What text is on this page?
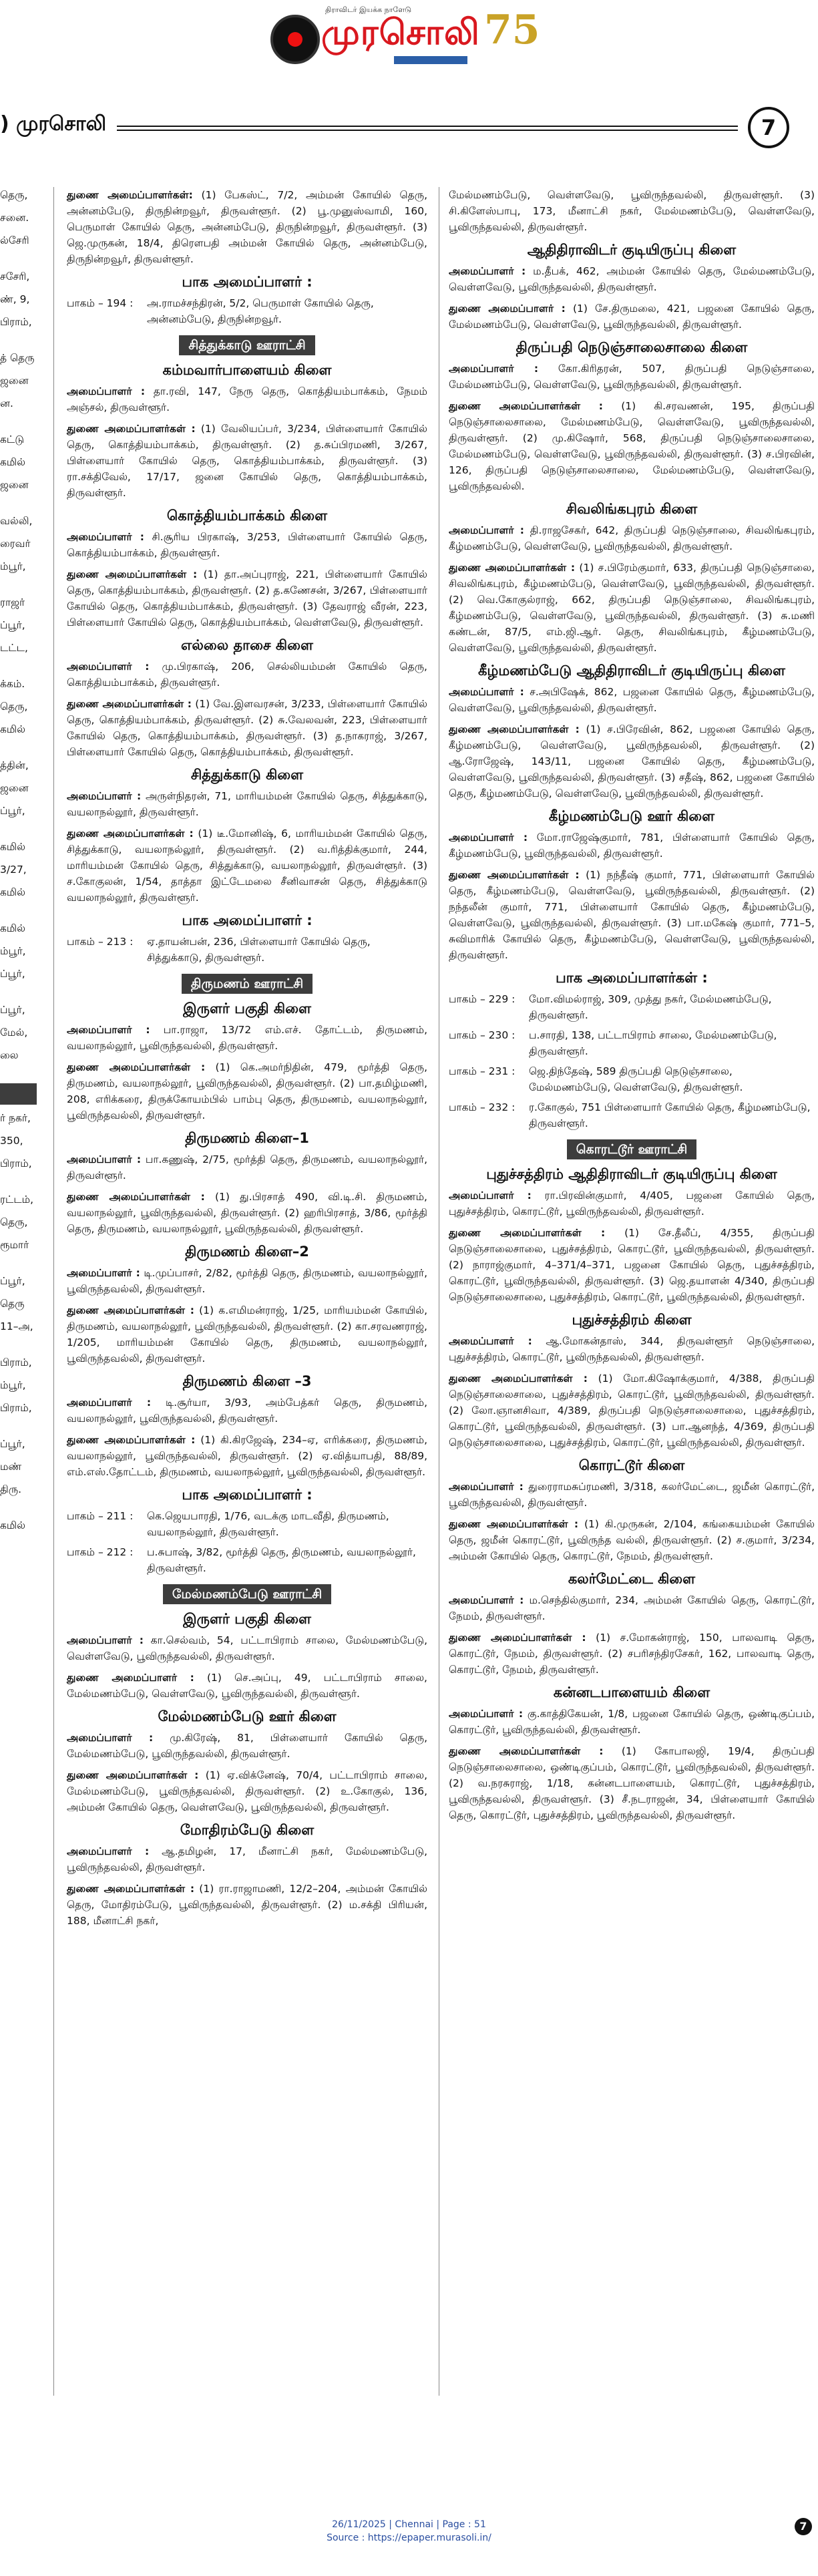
திராவிடர் இயக்க நாளேடு
முரசொலி 75
) முரசொலி	7
தெரு,
சனை.
ல்சேரி
சசேரி,
ண், 9,
பிராம்,
த் தெரு
ஜனை
ன.
கட்டு
கமில்
ஜனை
வல்லி,
ரைவர்
ம்பூர்,
ராஜர்
ப்பூர்,
டட்ட,
க்கம்.
தெரு,
கமில்
த்தின்,
ஜனை
ப்பூர்,
கமில்
3/27,
கமில்
கமில்
ம்பூர்,
ப்பூர்,
ப்பூர்,
மேல்,
லை
ர் நகர்,
350,
பிராம்,
ரட்டம்,
தெரு,
ரூமார்
ப்பூர்,
தெரு
11–அ,
பிராம்,
ம்பூர்,
பிராம்,
ப்பூர்,
மண்
திரு.
கமில்

துணை அமைப்பாளர்கள்: (1) பேகஸ்ட், 7/2, அம்மன் கோயில் தெரு, அன்னம்பேடு, திருநின்றவூர், திருவள்ளூர். (2) பூ.முனுஸ்வாமி, 160, பெருமாள் கோயில் தெரு, அன்னம்பேடு, திருநின்றவூர், திருவள்ளூர். (3) ஜெ.முருகன், 18/4, திரௌபதி அம்மன் கோயில் தெரு, அன்னம்பேடு, திருநின்றவூர், திருவள்ளூர்.

பாக அமைப்பாளர் :
பாகம் – 194 :	அ.ராமச்சந்திரன், 5/2, பெருமாள் கோயில் தெரு, அன்னம்பேடு, திருநின்றவூர்.
சித்துக்காடு ஊராட்சி
கம்மவார்பாளையம் கிளை

அமைப்பாளர் : தா.ரவி, 147, நேரு தெரு, கொத்தியம்பாக்கம், நேமம் அஞ்சல், திருவள்ளூர்.

துணை அமைப்பாளர்கள் : (1) வேலியப்பர், 3/234, பிள்ளையார் கோயில் தெரு, கொத்தியம்பாக்கம், திருவள்ளூர். (2) த.சுப்பிரமணி, 3/267, பிள்ளையார் கோயில் தெரு, கொத்தியம்பாக்கம், திருவள்ளூர். (3) ரா.சக்திவேல், 17/17, ஜனை கோயில் தெரு, கொத்தியம்பாக்கம், திருவள்ளூர்.

கொத்தியம்பாக்கம் கிளை

அமைப்பாளர் : சி.சூரிய பிரகாஷ், 3/253, பிள்ளையார் கோயில் தெரு, கொத்தியம்பாக்கம், திருவள்ளூர்.

துணை அமைப்பாளர்கள் : (1) தா.அப்புராஜ், 221, பிள்ளையார் கோயில் தெரு, கொத்தியம்பாக்கம், திருவள்ளூர். (2) த.கணேசன், 3/267, பிள்ளையார் கோயில் தெரு, கொத்தியம்பாக்கம், திருவள்ளூர். (3) தேவராஜ் வீரன், 223, பிள்ளையார் கோயில் தெரு, கொத்தியம்பாக்கம், வெள்ளவேடு, திருவள்ளூர்.

எல்லை தாசை கிளை

அமைப்பாளர் : மு.பிரகாஷ், 206, செல்லியம்மன் கோயில் தெரு, கொத்தியம்பாக்கம், திருவள்ளூர்.

துணை அமைப்பாளர்கள் : (1) வே.இளவரசன், 3/233, பிள்ளையார் கோயில் தெரு, கொத்தியம்பாக்கம், திருவள்ளூர். (2) சு.வேலவன், 223, பிள்ளையார் கோயில் தெரு, கொத்தியம்பாக்கம், திருவள்ளூர். (3) த.நாகராஜ், 3/267, பிள்ளையார் கோயில் தெரு, கொத்தியம்பாக்கம், திருவள்ளூர்.

சித்துக்காடு கிளை

அமைப்பாளர் : அருள்நிதரன், 71, மாரியம்மன் கோயில் தெரு, சித்துக்காடு, வயலாநல்லூர், திருவள்ளூர்.

துணை அமைப்பாளர்கள் : (1) டீ.மோனிஷ், 6, மாரியம்மன் கோயில் தெரு, சித்துக்காடு, வயலாநல்லூர், திருவள்ளூர். (2) வ.ரித்திக்குமார், 244, மாரியம்மன் கோயில் தெரு, சித்துக்காடு, வயலாநல்லூர், திருவள்ளூர். (3) ச.கோகுலன், 1/54, தாத்தா இட்டேமலை சீனிவாசன் தெரு, சித்துக்காடு வயலாநல்லூர், திருவள்ளூர்.

பாக அமைப்பாளர் :
பாகம் – 213 :	ஏ.தாயன்பன், 236, பிள்ளையார் கோயில் தெரு, சித்துக்காடு, திருவள்ளூர்.
திருமணம் ஊராட்சி
இருளர் பகுதி கிளை

அமைப்பாளர் : பா.ராஜா, 13/72 எம்.எச். தோட்டம், திருமணம், வயலாநல்லூர், பூவிருந்தவல்லி, திருவள்ளூர்.

துணை அமைப்பாளர்கள் : (1) கெ.அமர்நிதின், 479, மூர்த்தி தெரு, திருமணம், வயலாநல்லூர், பூவிருந்தவல்லி, திருவள்ளூர். (2) பா.தமிழ்மணி, 208, எரிக்கரை, திருக்கோயம்பில் பாம்பு தெரு, திருமணம், வயலாநல்லூர், பூவிருந்தவல்லி, திருவள்ளூர்.

திருமணம் கிளை–1

அமைப்பாளர் : பா.கணுஷ், 2/75, மூர்த்தி தெரு, திருமணம், வயலாநல்லூர், திருவள்ளூர்.

துணை அமைப்பாளர்கள் : (1) து.பிரசாத் 490, வி.டி.சி. திருமணம், வயலாநல்லூர், பூவிருந்தவல்லி, திருவள்ளூர். (2) ஹரிபிரசாத், 3/86, மூர்த்தி தெரு, திருமணம், வயலாநல்லூர், பூவிருந்தவல்லி, திருவள்ளூர்.

திருமணம் கிளை–2

அமைப்பாளர் : டி.முப்பாசர், 2/82, மூர்த்தி தெரு, திருமணம், வயலாநல்லூர், பூவிருந்தவல்லி, திருவள்ளூர்.

துணை அமைப்பாளர்கள் : (1) க.எமிமன்ராஜ், 1/25, மாரியம்மன் கோயில், திருமணம், வயலாநல்லூர், பூவிருந்தவல்லி, திருவள்ளூர். (2) கா.சரவணராஜ், 1/205, மாரியம்மன் கோயில் தெரு, திருமணம், வயலாநல்லூர், பூவிருந்தவல்லி, திருவள்ளூர்.

திருமணம் கிளை –3

அமைப்பாளர் : டி.சூர்யா, 3/93, அம்பேத்கர் தெரு, திருமணம், வயலாநல்லூர், பூவிருந்தவல்லி, திருவள்ளூர்.

துணை அமைப்பாளர்கள் : (1) கி.கிரஜேஷ், 234–ஏ, எரிக்கரை, திருமணம், வயலாநல்லூர், பூவிருந்தவல்லி, திருவள்ளூர். (2) ஏ.வித்யாபதி, 88/89, எம்.எஸ்.தோட்டம், திருமணம், வயலாநல்லூர், பூவிருந்தவல்லி, திருவள்ளூர்.

பாக அமைப்பாளர் :
பாகம் – 211 :	கெ.ஜெயபாரதி, 1/76, வடக்கு மாடவீதி, திருமணம், வயலாநல்லூர், திருவள்ளூர்.
பாகம் – 212 :	ப.சுபாஷ், 3/82, மூர்த்தி தெரு, திருமணம், வயலாநல்லூர், திருவள்ளூர்.
மேல்மணம்பேடு ஊராட்சி
இருளர் பகுதி கிளை

அமைப்பாளர் : கா.செல்வம், 54, பட்டாபிராம் சாலை, மேல்மணம்பேடு, வெள்ளவேடு, பூவிருந்தவல்லி, திருவள்ளூர்.

துணை அமைப்பாளர் : (1) செ.அப்பு, 49, பட்டாபிராம் சாலை, மேல்மணம்பேடு, வெள்ளவேடு, பூவிருந்தவல்லி, திருவள்ளூர்.

மேல்மணம்பேடு ஊர் கிளை

அமைப்பாளர் : மு.கிரேஷ், 81, பிள்ளையார் கோயில் தெரு, மேல்மணம்பேடு, பூவிருந்தவல்லி, திருவள்ளூர்.

துணை அமைப்பாளர்கள் : (1) ஏ.விக்னேஷ், 70/4, பட்டாபிராம் சாலை, மேல்மணம்பேடு, பூவிருந்தவல்லி, திருவள்ளூர். (2) உ.கோகுல், 136, அம்மன் கோயில் தெரு, வெள்ளவேடு, பூவிருந்தவல்லி, திருவள்ளூர்.

மோதிரம்பேடு கிளை

அமைப்பாளர் : ஆ.தமிழன், 17, மீனாட்சி நகர், மேல்மணம்பேடு, பூவிருந்தவல்லி, திருவள்ளூர்.

துணை அமைப்பாளர்கள் : (1) ரா.ராஜாமணி, 12/2–204, அம்மன் கோயில் தெரு, மோதிரம்பேடு, பூவிருந்தவல்லி, திருவள்ளூர். (2) ம.சக்தி பிரியன், 188, மீனாட்சி நகர்,

மேல்மணம்பேடு, வெள்ளவேடு, பூவிருந்தவல்லி, திருவள்ளூர். (3) சி.கிளேஸ்பாபு, 173, மீனாட்சி நகர், மேல்மணம்பேடு, வெள்ளவேடு, பூவிருந்தவல்லி, திருவள்ளூர்.

ஆதிதிராவிடர் குடியிருப்பு கிளை

அமைப்பாளர் : ம.தீபக், 462, அம்மன் கோயில் தெரு, மேல்மணம்பேடு, வெள்ளவேடு, பூவிருந்தவல்லி, திருவள்ளூர்.

துணை அமைப்பாளர் : (1) சே.திருமலை, 421, பஜனை கோயில் தெரு, மேல்மணம்பேடு, வெள்ளவேடு, பூவிருந்தவல்லி, திருவள்ளூர்.

திருப்பதி நெடுஞ்சாலைசாலை கிளை

அமைப்பாளர் : கோ.கிரிதரன், 507, திருப்பதி நெடுஞ்சாலை, மேல்மணம்பேடு, வெள்ளவேடு, பூவிருந்தவல்லி, திருவள்ளூர்.

துணை அமைப்பாளர்கள் : (1) கி.சரவணன், 195, திருப்பதி நெடுஞ்சாலைசாலை, மேல்மணம்பேடு, வெள்ளவேடு, பூவிருந்தவல்லி, திருவள்ளூர். (2) மு.கிஷோர், 568, திருப்பதி நெடுஞ்சாலைசாலை, மேல்மணம்பேடு, வெள்ளவேடு, பூவிருந்தவல்லி, திருவள்ளூர். (3) ச.பிரவின், 126, திருப்பதி நெடுஞ்சாலைசாலை, மேல்மணம்பேடு, வெள்ளவேடு, பூவிருந்தவல்லி.

சிவலிங்கபுரம் கிளை

அமைப்பாளர் : தி.ராஜசேகர், 642, திருப்பதி நெடுஞ்சாலை, சிவலிங்கபுரம், கீழ்மணம்பேடு, வெள்ளவேடு, பூவிருந்தவல்லி, திருவள்ளூர்.

துணை அமைப்பாளர்கள் : (1) ச.பிரேம்குமார், 633, திருப்பதி நெடுஞ்சாலை, சிவலிங்கபுரம், கீழ்மணம்பேடு, வெள்ளவேடு, பூவிருந்தவல்லி, திருவள்ளூர். (2) வெ.கோகுல்ராஜ், 662, திருப்பதி நெடுஞ்சாலை, சிவலிங்கபுரம், கீழ்மணம்பேடு, வெள்ளவேடு, பூவிருந்தவல்லி, திருவள்ளூர். (3) சு.மணி கண்டன், 87/5, எம்.ஜி.ஆர். தெரு, சிவலிங்கபுரம், கீழ்மணம்பேடு, வெள்ளவேடு, பூவிருந்தவல்லி, திருவள்ளூர்.

கீழ்மணம்பேடு ஆதிதிராவிடர் குடியிருப்பு கிளை

அமைப்பாளர் : ச.அபிஷேக், 862, பஜனை கோயில் தெரு, கீழ்மணம்பேடு, வெள்ளவேடு, பூவிருந்தவல்லி, திருவள்ளூர்.

துணை அமைப்பாளர்கள் : (1) ச.பிரேவின், 862, பஜனை கோயில் தெரு, கீழ்மணம்பேடு, வெள்ளவேடு, பூவிருந்தவல்லி, திருவள்ளூர். (2) ஆ.ரோஜேஷ், 143/11, பஜனை கோயில் தெரு, கீழ்மணம்பேடு, வெள்ளவேடு, பூவிருந்தவல்லி, திருவள்ளூர். (3) சதீஷ், 862, பஜனை கோயில் தெரு, கீழ்மணம்பேடு, வெள்ளவேடு, பூவிருந்தவல்லி, திருவள்ளூர்.

கீழ்மணம்பேடு ஊர் கிளை

அமைப்பாளர் : மோ.ராஜேஷ்குமார், 781, பிள்ளையார் கோயில் தெரு, கீழ்மணம்பேடு, பூவிருந்தவல்லி, திருவள்ளூர்.

துணை அமைப்பாளர்கள் : (1) நந்தீஷ் குமார், 771, பிள்ளையார் கோயில் தெரு, கீழ்மணம்பேடு, வெள்ளவேடு, பூவிருந்தவல்லி, திருவள்ளூர். (2) நந்தலீன் குமார், 771, பிள்ளையார் கோயில் தெரு, கீழ்மணம்பேடு, வெள்ளவேடு, பூவிருந்தவல்லி, திருவள்ளூர். (3) பா.மகேஷ் குமார், 771–5, சுவிமாரிக் கோயில் தெரு, கீழ்மணம்பேடு, வெள்ளவேடு, பூவிருந்தவல்லி, திருவள்ளூர்.

பாக அமைப்பாளர்கள் :
பாகம் – 229 :	மோ.விமல்ராஜ், 309, முத்து நகர், மேல்மணம்பேடு, திருவள்ளூர்.
பாகம் – 230 :	ப.சாரதி, 138, பட்டாபிராம் சாலை, மேல்மணம்பேடு, திருவள்ளூர்.
பாகம் – 231 :	ஜெ.திந்தேஷ், 589 திருப்பதி நெடுஞ்சாலை, மேல்மணம்பேடு, வெள்ளவேடு, திருவள்ளூர்.
பாகம் – 232 :	ர.கோகுல், 751 பிள்ளையார் கோயில் தெரு, கீழ்மணம்பேடு, திருவள்ளூர்.
கொரட்டூர் ஊராட்சி
புதுச்சத்திரம் ஆதிதிராவிடர் குடியிருப்பு கிளை

அமைப்பாளர் : ரா.பிரவின்குமார், 4/405, பஜனை கோயில் தெரு, புதுச்சத்திரம், கொரட்டூர், பூவிருந்தவல்லி, திருவள்ளூர்.

துணை அமைப்பாளர்கள் : (1) சே.தீலீப், 4/355, திருப்பதி நெடுஞ்சாலைசாலை, புதுச்சத்திரம், கொரட்டூர், பூவிருந்தவல்லி, திருவள்ளூர். (2) நாராஜ்குமார், 4–371/4–371, பஜனை கோயில் தெரு, புதுச்சத்திரம், கொரட்டூர், பூவிருந்தவல்லி, திருவள்ளூர். (3) ஜெ.தயாளன் 4/340, திருப்பதி நெடுஞ்சாலைசாலை, புதுச்சத்திரம், கொரட்டூர், பூவிருந்தவல்லி, திருவள்ளூர்.

புதுச்சத்திரம் கிளை

அமைப்பாளர் : ஆ.மோகன்தாஸ், 344, திருவள்ளூர் நெடுஞ்சாலை, புதுச்சத்திரம், கொரட்டூர், பூவிருந்தவல்லி, திருவள்ளூர்.

துணை அமைப்பாளர்கள் : (1) மோ.கிஷோக்குமார், 4/388, திருப்பதி நெடுஞ்சாலைசாலை, புதுச்சத்திரம், கொரட்டூர், பூவிருந்தவல்லி, திருவள்ளூர். (2) லோ.ஞானசிவா, 4/389, திருப்பதி நெடுஞ்சாலைசாலை, புதுச்சத்திரம், கொரட்டூர், பூவிருந்தவல்லி, திருவள்ளூர். (3) பா.ஆனந்த், 4/369, திருப்பதி நெடுஞ்சாலைசாலை, புதுச்சத்திரம், கொரட்டூர், பூவிருந்தவல்லி, திருவள்ளூர்.

கொரட்டூர் கிளை

அமைப்பாளர் : துரைராமசுப்ரமணி, 3/318, கலர்மேட்டை, ஜமீன் கொரட்டூர், பூவிருந்தவல்லி, திருவள்ளூர்.

துணை அமைப்பாளர்கள் : (1) கி.முருகன், 2/104, கங்கையம்மன் கோயில் தெரு, ஜமீன் கொரட்டூர், பூவிருந்த வல்லி, திருவள்ளூர். (2) ச.குமார், 3/234, அம்மன் கோயில் தெரு, கொரட்டூர், நேமம், திருவள்ளூர்.

கலர்மேட்டை கிளை

அமைப்பாளர் : ம.செந்தில்குமார், 234, அம்மன் கோயில் தெரு, கொரட்டூர், நேமம், திருவள்ளூர்.

துணை அமைப்பாளர்கள் : (1) ச.மோகன்ராஜ், 150, பாலவாடி தெரு, கொரட்டூர், நேமம், திருவள்ளூர். (2) சபரிசந்திரசேகர், 162, பாலவாடி தெரு, கொரட்டூர், நேமம், திருவள்ளூர்.

கன்னடபாளையம் கிளை

அமைப்பாளர் : கு.காத்திகேயன், 1/8, பஜனை கோயில் தெரு, ஒண்டிகுப்பம், கொரட்டூர், பூவிருந்தவல்லி, திருவள்ளூர்.

துணை அமைப்பாளர்கள் : (1) கோபாலஜி, 19/4, திருப்பதி நெடுஞ்சாலைசாலை, ஒண்டிகுப்பம், கொரட்டூர், பூவிருந்தவல்லி, திருவள்ளூர். (2) வ.நரசுராஜ், 1/18, கன்னடபாளையம், கொரட்டூர், புதுச்சத்திரம், பூவிருந்தவல்லி, திருவள்ளூர். (3) சீ.நடராஜன், 34, பிள்ளையார் கோயில் தெரு, கொரட்டூர், புதுச்சத்திரம், பூவிருந்தவல்லி, திருவள்ளூர்.

26/11/2025 | Chennai | Page : 51
Source : https://epaper.murasoli.in/
7
